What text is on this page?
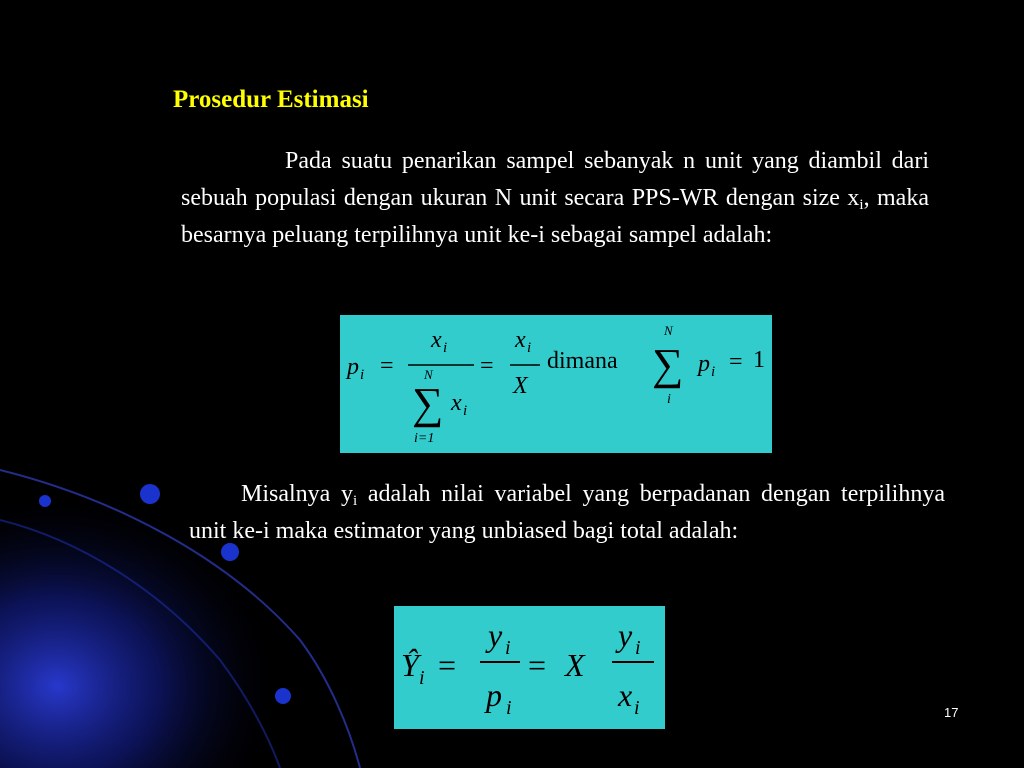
Prosedur Estimasi
Pada suatu penarikan sampel sebanyak n unit yang diambil dari sebuah populasi dengan ukuran N unit secara PPS-WR dengan size $x_i$, maka besarnya peluang terpilihnya unit ke-i sebagai sampel adalah:
p i =
x i
N
∑ x i
i=1
=
x i
X
dimana
N
∑
i
p i = 1
Misalnya $y_i$ adalah nilai variabel yang berpadanan dengan terpilihnya unit ke-i maka estimator yang unbiased bagi total adalah:
Ŷ i =
y i
p i
= X
y i
x i	17
